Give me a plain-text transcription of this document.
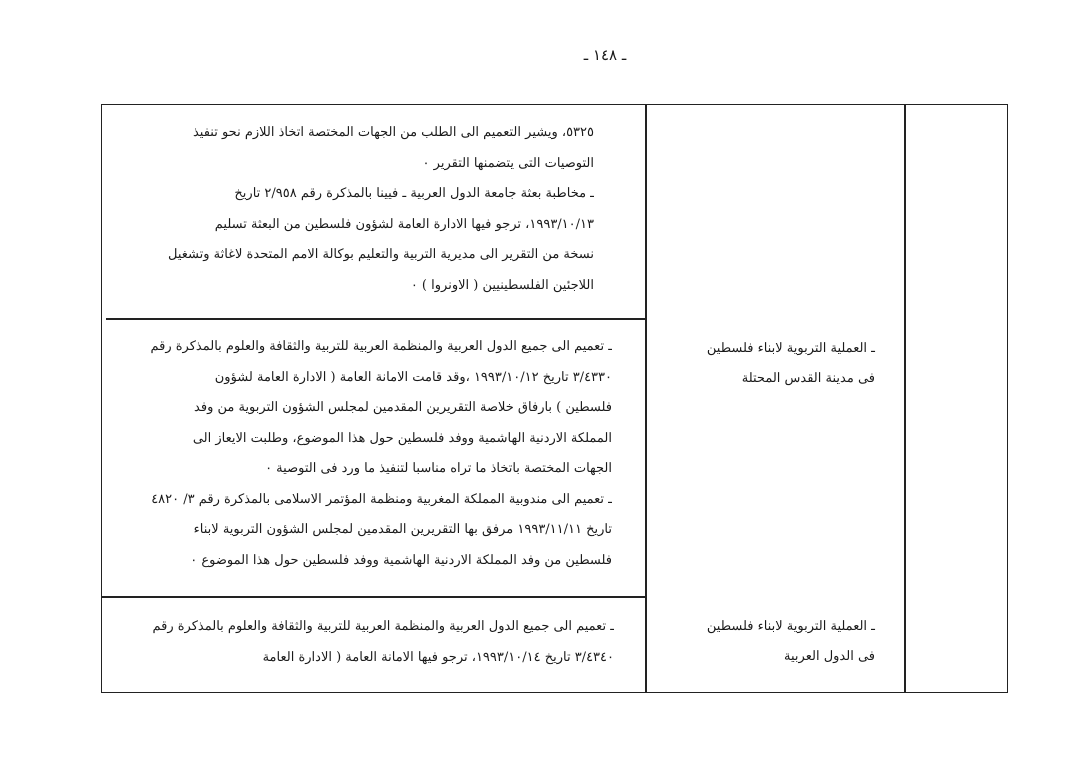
ـ ١٤٨ ـ

٥٣٢٥، ويشير التعميم الى الطلب من الجهات المختصة اتخاذ اللازم نحو تنفيذ

التوصيات التى يتضمنها التقرير ٠

ـ مخاطبة بعثة جامعة الدول العربية ـ فيينا بالمذكرة رقم ٢/٩٥٨ تاريخ

١٩٩٣/١٠/١٣، ترجو فيها الادارة العامة لشؤون فلسطين من البعثة تسليم

نسخة من التقرير الى مديرية التربية والتعليم بوكالة الامم المتحدة لاغاثة وتشغيل

اللاجئين الفلسطينيين ( الاونروا ) ٠

ـ العملية التربوية لابناء فلسطين

فى مدينة القدس المحتلة

ـ تعميم الى جميع الدول العربية والمنظمة العربية للتربية والثقافة والعلوم بالمذكرة رقم

٣/٤٣٣٠ تاريخ ١٩٩٣/١٠/١٢ ،وقد قامت الامانة العامة ( الادارة العامة لشؤون

فلسطين ) بارفاق خلاصة التقريرين المقدمين لمجلس الشؤون التربوية من وفد

المملكة الاردنية الهاشمية ووفد فلسطين حول هذا الموضوع، وطلبت الايعاز الى

الجهات المختصة باتخاذ ما تراه مناسبا لتنفيذ ما ورد فى التوصية ٠

ـ تعميم الى مندوبية المملكة المغربية ومنظمة المؤتمر الاسلامى بالمذكرة رقم ٣/ ٤٨٢٠

تاريخ ١٩٩٣/١١/١١ مرفق بها التقريرين المقدمين لمجلس الشؤون التربوية لابناء

فلسطين من وفد المملكة الاردنية الهاشمية ووفد فلسطين حول هذا الموضوع ٠

ـ العملية التربوية لابناء فلسطين

فى الدول العربية

ـ تعميم الى جميع الدول العربية والمنظمة العربية للتربية والثقافة والعلوم بالمذكرة رقم

٣/٤٣٤٠ تاريخ ١٩٩٣/١٠/١٤، ترجو فيها الامانة العامة ( الادارة العامة
